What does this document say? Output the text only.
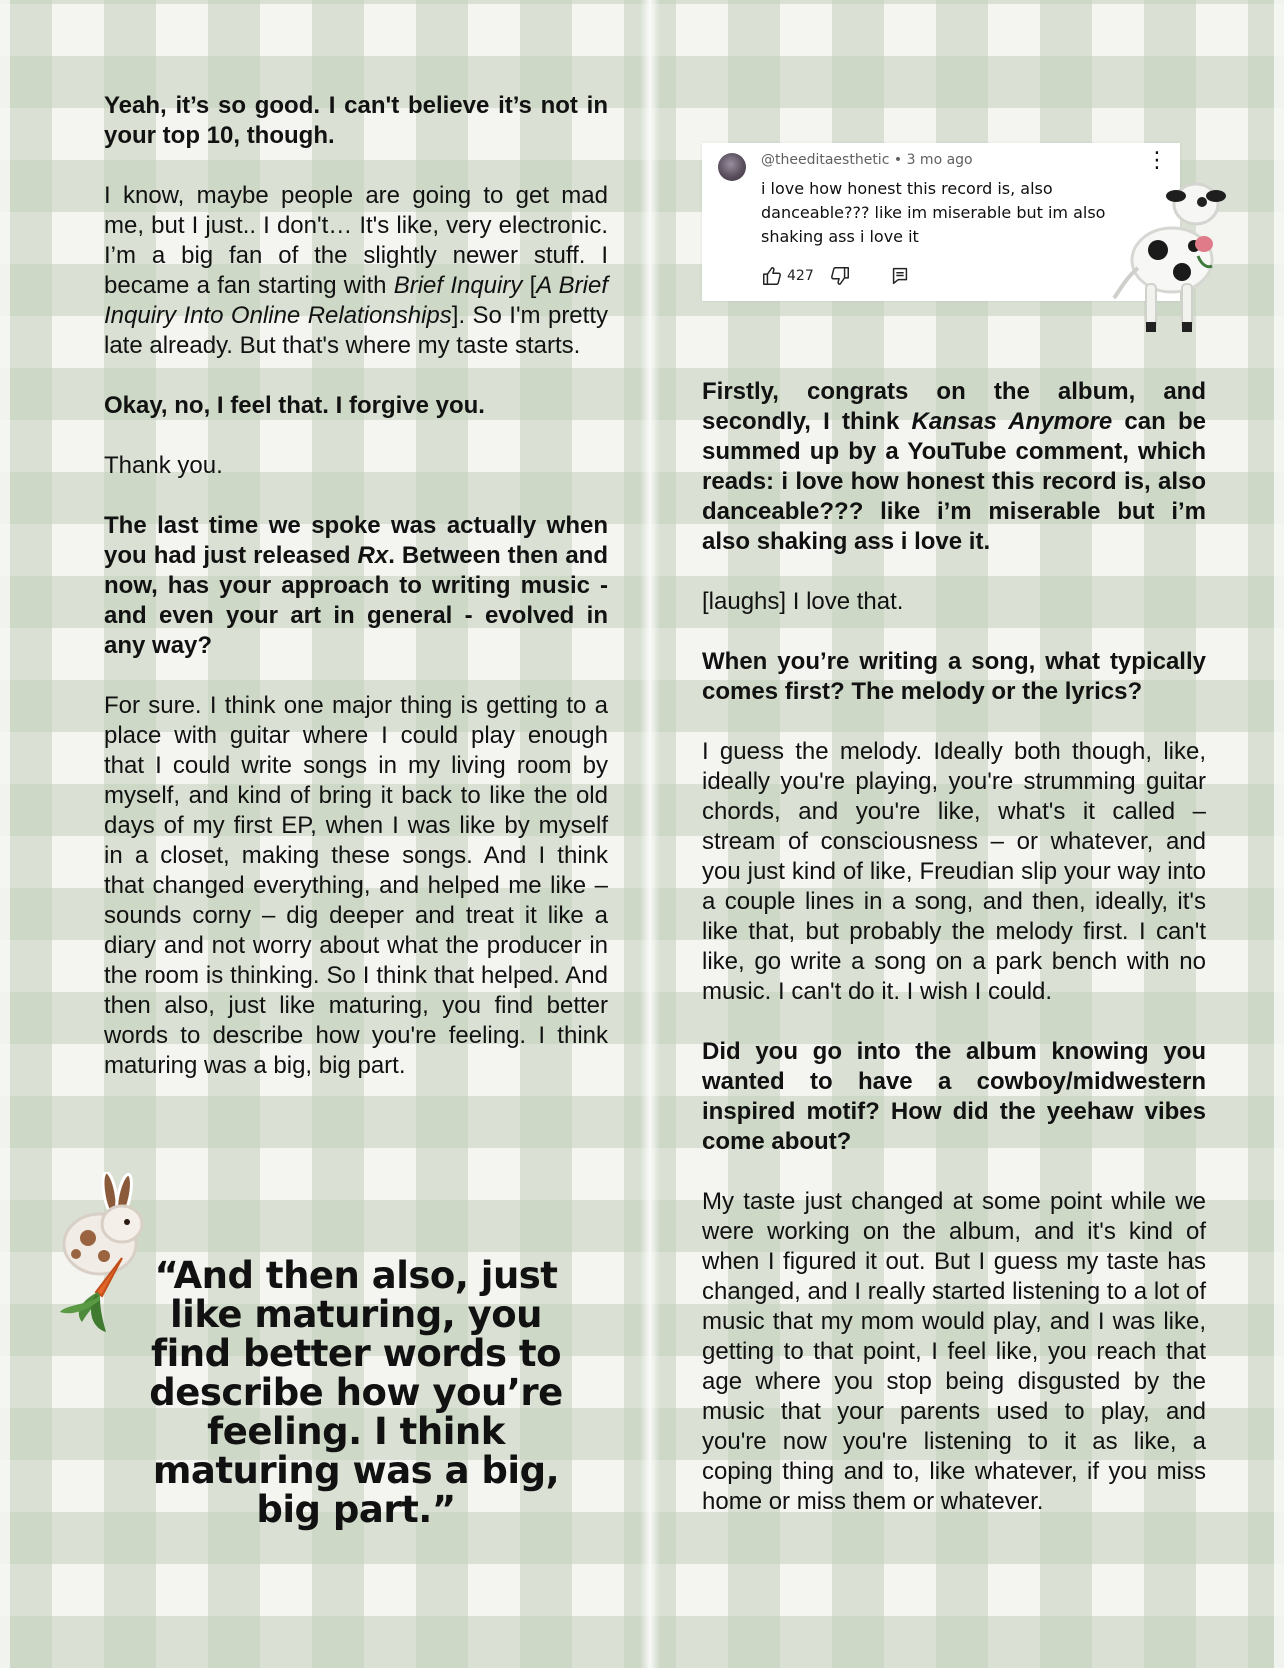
Yeah, it’s so good. I can't believe it’s not in your top 10, though.

I know, maybe people are going to get mad me, but I just.. I don't… It's like, very electronic. I’m a big fan of the slightly newer stuff. I became a fan starting with Brief Inquiry [A Brief Inquiry Into Online Relationships]. So I'm pretty late already. But that's where my taste starts.

Okay, no, I feel that. I forgive you.

Thank you.

The last time we spoke was actually when you had just released Rx. Between then and now, has your approach to writing music - and even your art in general - evolved in any way?

For sure. I think one major thing is getting to a place with guitar where I could play enough that I could write songs in my living room by myself, and kind of bring it back to like the old days of my first EP, when I was like by myself in a closet, making these songs. And I think that changed everything, and helped me like – sounds corny – dig deeper and treat it like a diary and not worry about what the producer in the room is thinking. So I think that helped. And then also, just like maturing, you find better words to describe how you're feeling. I think maturing was a big, big part.

“And then also, just like maturing, you find better words to describe how you’re feeling. I think maturing was a big, big part.”
@theeditaesthetic • 3 mo ago
i love how honest this record is, also danceable??? like im miserable but im also shaking ass i love it
⋮
427

Firstly, congrats on the album, and secondly, I think Kansas Anymore can be summed up by a YouTube comment, which reads: i love how honest this record is, also danceable??? like i’m miserable but i’m also shaking ass i love it.

[laughs] I love that.

When you’re writing a song, what typically comes first? The melody or the lyrics?

I guess the melody. Ideally both though, like, ideally you're playing, you're strumming guitar chords, and you're like, what's it called – stream of consciousness – or whatever, and you just kind of like, Freudian slip your way into a couple lines in a song, and then, ideally, it's like that, but probably the melody first. I can't like, go write a song on a park bench with no music. I can't do it. I wish I could.

Did you go into the album knowing you wanted to have a cowboy/midwestern inspired motif? How did the yeehaw vibes come about?

My taste just changed at some point while we were working on the album, and it's kind of when I figured it out. But I guess my taste has changed, and I really started listening to a lot of music that my mom would play, and I was like, getting to that point, I feel like, you reach that age where you stop being disgusted by the music that your parents used to play, and you're now you're listening to it as like, a coping thing and to, like whatever, if you miss home or miss them or whatever.
